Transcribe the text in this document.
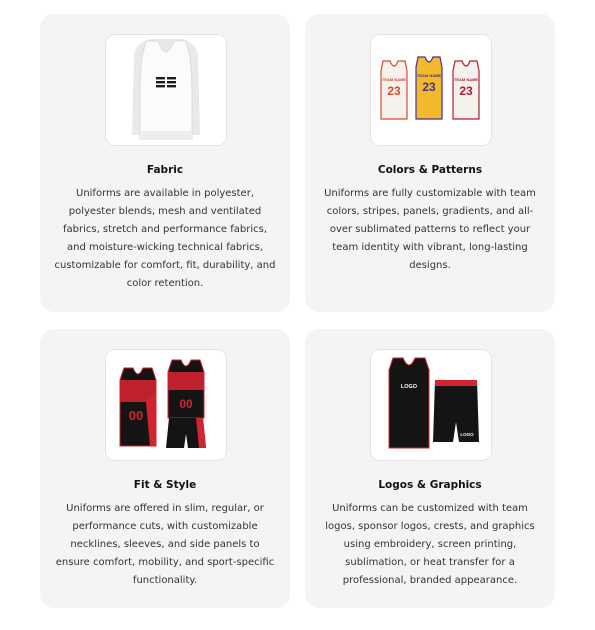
Fabric
Uniforms are available in polyester, polyester blends, mesh and ventilated fabrics, stretch and performance fabrics, and moisture-wicking technical fabrics, customizable for comfort, fit, durability, and color retention.
TEAM NAME
23
TEAM NAME
23
TEAM NAME
23
Colors & Patterns
Uniforms are fully customizable with team colors, stripes, panels, gradients, and all-over sublimated patterns to reflect your team identity with vibrant, long-lasting designs.
00
00
Fit & Style
Uniforms are offered in slim, regular, or performance cuts, with customizable necklines, sleeves, and side panels to ensure comfort, mobility, and sport-specific functionality.
LOGO
LOGO
Logos & Graphics
Uniforms can be customized with team logos, sponsor logos, crests, and graphics using embroidery, screen printing, sublimation, or heat transfer for a professional, branded appearance.
